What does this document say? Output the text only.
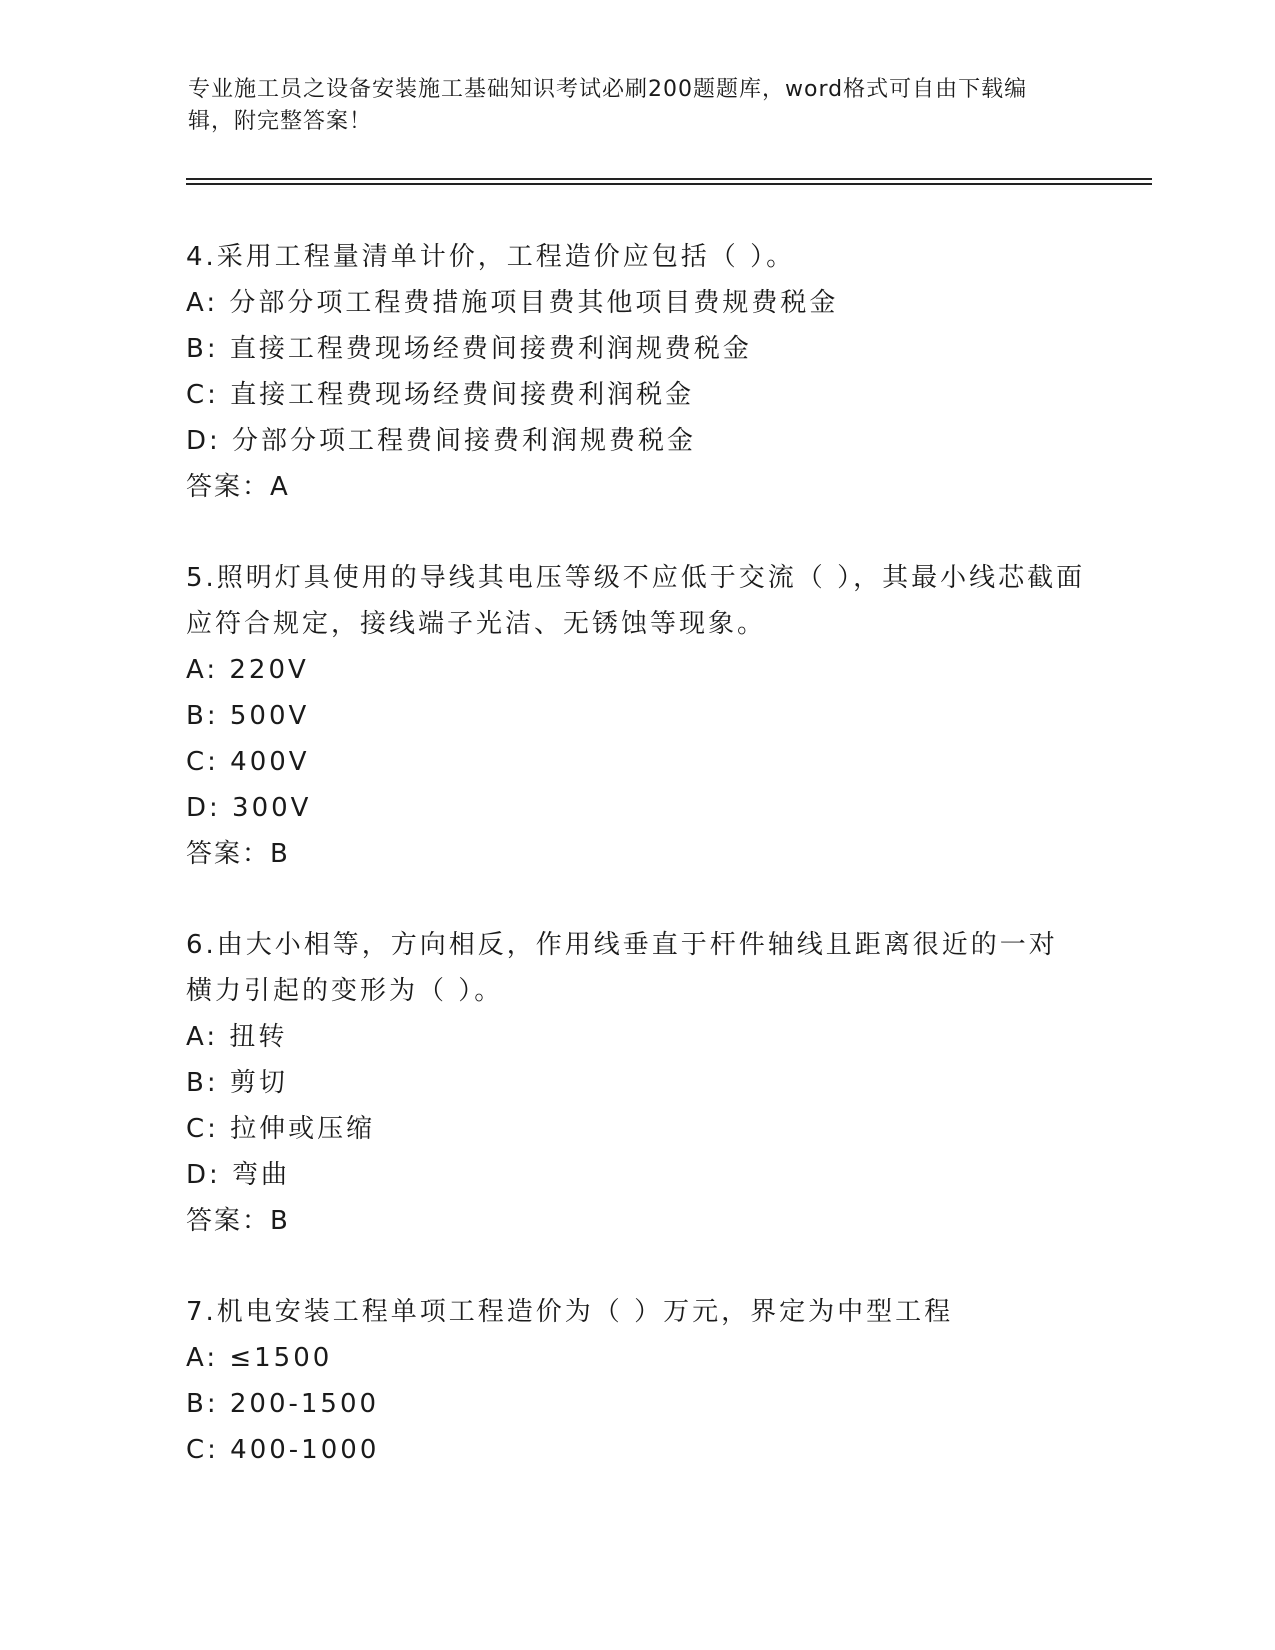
专业施工员之设备安装施工基础知识考试必刷200题题库，word格式可自由下载编辑，附完整答案！
4.采用工程量清单计价，工程造价应包括（ ）。
A: 分部分项工程费措施项目费其他项目费规费税金
B: 直接工程费现场经费间接费利润规费税金
C: 直接工程费现场经费间接费利润税金
D: 分部分项工程费间接费利润规费税金
答案：A
5.照明灯具使用的导线其电压等级不应低于交流（ ），其最小线芯截面应符合规定，接线端子光洁、无锈蚀等现象。
A: 220V
B: 500V
C: 400V
D: 300V
答案：B
6.由大小相等，方向相反，作用线垂直于杆件轴线且距离很近的一对横力引起的变形为（ ）。
A: 扭转
B: 剪切
C: 拉伸或压缩
D: 弯曲
答案：B
7.机电安装工程单项工程造价为（ ）万元，界定为中型工程
A: ≤1500
B: 200-1500
C: 400-1000
